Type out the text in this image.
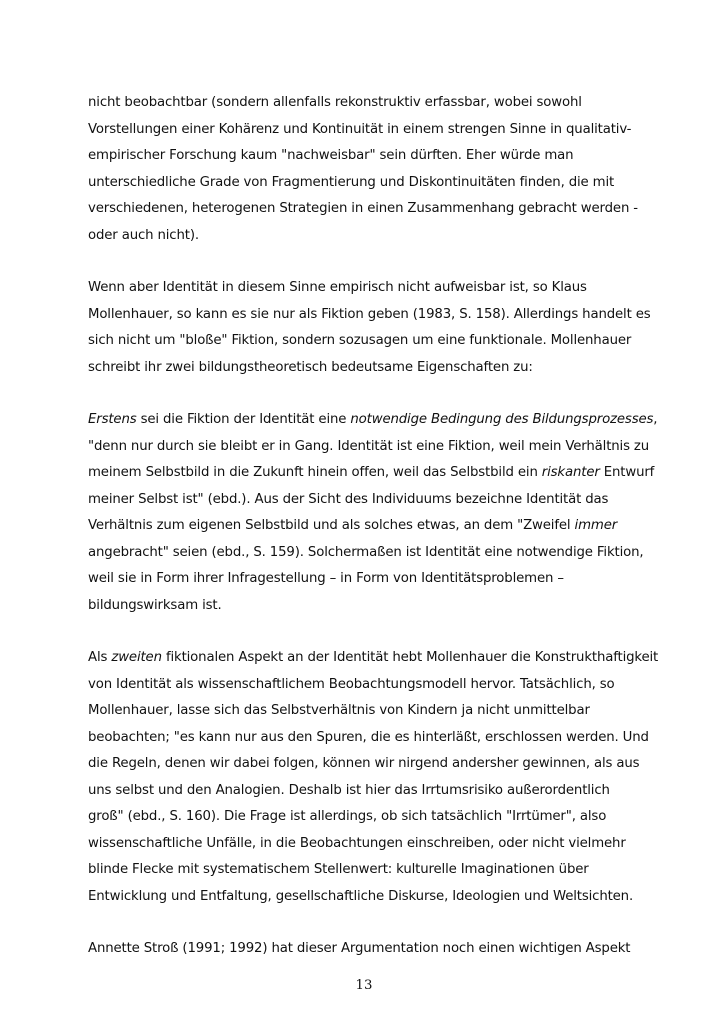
nicht beobachtbar (sondern allenfalls rekonstruktiv erfassbar, wobei sowohl
Vorstellungen einer Kohärenz und Kontinuität in einem strengen Sinne in qualitativ-
empirischer Forschung kaum "nachweisbar" sein dürften. Eher würde man
unterschiedliche Grade von Fragmentierung und Diskontinuitäten finden, die mit
verschiedenen, heterogenen Strategien in einen Zusammenhang gebracht werden -
oder auch nicht).
Wenn aber Identität in diesem Sinne empirisch nicht aufweisbar ist, so Klaus
Mollenhauer, so kann es sie nur als Fiktion geben (1983, S. 158). Allerdings handelt es
sich nicht um "bloße" Fiktion, sondern sozusagen um eine funktionale. Mollenhauer
schreibt ihr zwei bildungstheoretisch bedeutsame Eigenschaften zu:
Erstens sei die Fiktion der Identität eine notwendige Bedingung des Bildungsprozesses,
"denn nur durch sie bleibt er in Gang. Identität ist eine Fiktion, weil mein Verhältnis zu
meinem Selbstbild in die Zukunft hinein offen, weil das Selbstbild ein riskanter Entwurf
meiner Selbst ist" (ebd.). Aus der Sicht des Individuums bezeichne Identität das
Verhältnis zum eigenen Selbstbild und als solches etwas, an dem "Zweifel immer
angebracht" seien (ebd., S. 159). Solchermaßen ist Identität eine notwendige Fiktion,
weil sie in Form ihrer Infragestellung – in Form von Identitätsproblemen –
bildungswirksam ist.
Als zweiten fiktionalen Aspekt an der Identität hebt Mollenhauer die Konstrukthaftigkeit
von Identität als wissenschaftlichem Beobachtungsmodell hervor. Tatsächlich, so
Mollenhauer, lasse sich das Selbstverhältnis von Kindern ja nicht unmittelbar
beobachten; "es kann nur aus den Spuren, die es hinterläßt, erschlossen werden. Und
die Regeln, denen wir dabei folgen, können wir nirgend andersher gewinnen, als aus
uns selbst und den Analogien. Deshalb ist hier das Irrtumsrisiko außerordentlich
groß" (ebd., S. 160). Die Frage ist allerdings, ob sich tatsächlich "Irrtümer", also
wissenschaftliche Unfälle, in die Beobachtungen einschreiben, oder nicht vielmehr
blinde Flecke mit systematischem Stellenwert: kulturelle Imaginationen über
Entwicklung und Entfaltung, gesellschaftliche Diskurse, Ideologien und Weltsichten.
Annette Stroß (1991; 1992) hat dieser Argumentation noch einen wichtigen Aspekt
13
